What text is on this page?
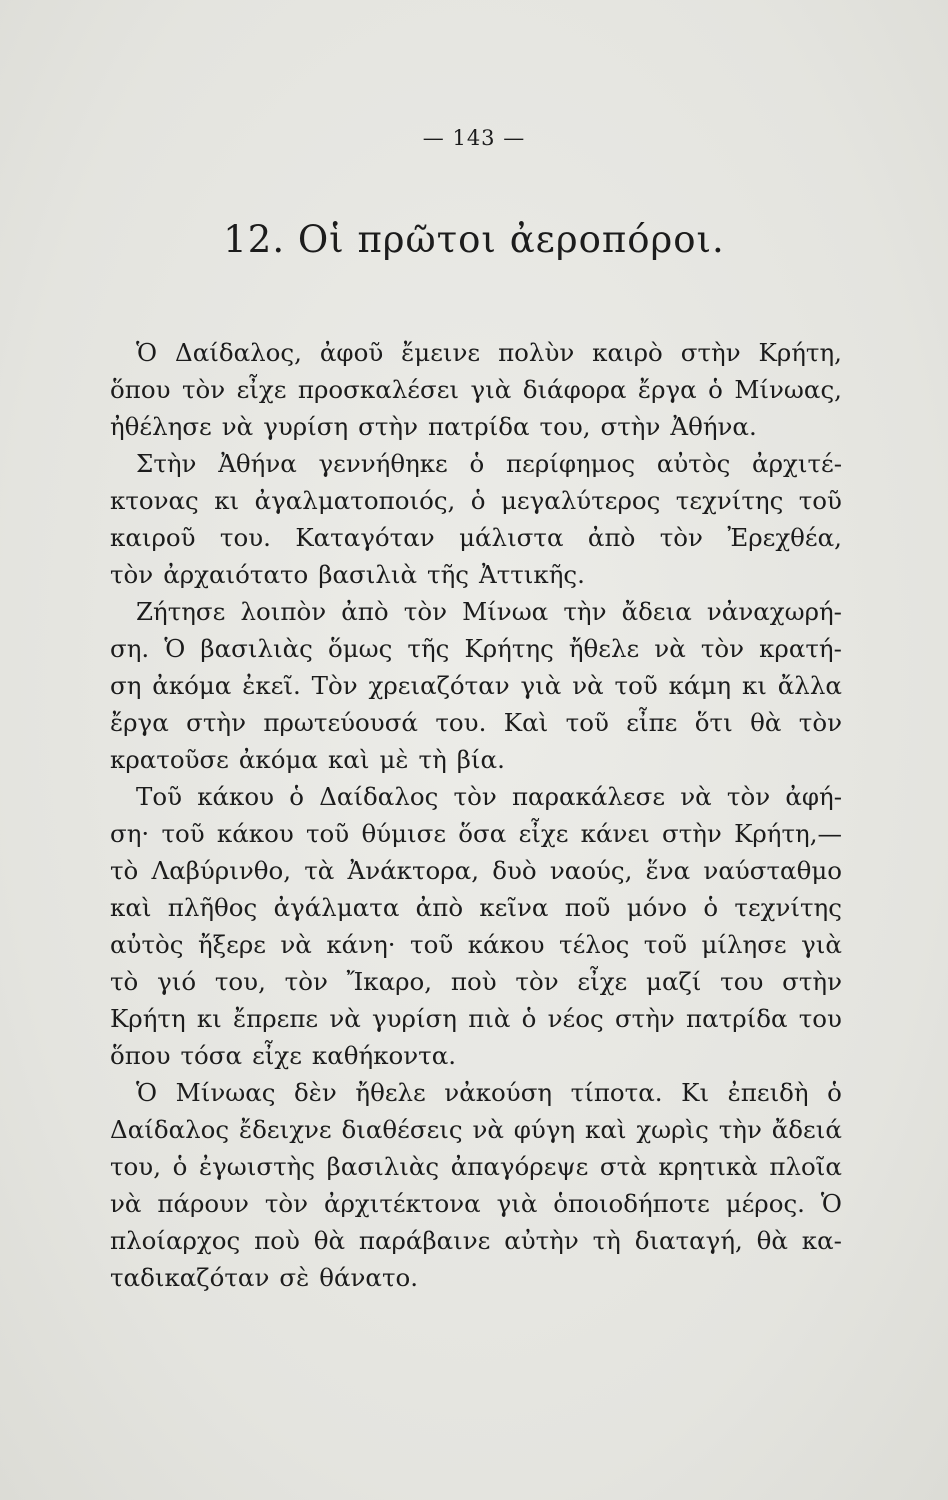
— 143 —
12. Οἱ πρῶτοι ἀεροπόροι.
Ὁ Δαίδαλος, ἀφοῦ ἔμεινε πολὺν καιρὸ στὴν Κρήτη,
ὅπου τὸν εἶχε προσκαλέσει γιὰ διάφορα ἔργα ὁ Μίνωας,
ἠθέλησε νὰ γυρίση στὴν πατρίδα του, στὴν Ἀθήνα.
Στὴν Ἀθήνα γεννήθηκε ὁ περίφημος αὐτὸς ἀρχιτέ-
κτονας κι ἀγαλματοποιός, ὁ μεγαλύτερος τεχνίτης τοῦ
καιροῦ του. Καταγόταν μάλιστα ἀπὸ τὸν Ἐρεχθέα,
τὸν ἀρχαιότατο βασιλιὰ τῆς Ἀττικῆς.
Ζήτησε λοιπὸν ἀπὸ τὸν Μίνωα τὴν ἄδεια νἀναχωρή-
ση. Ὁ βασιλιὰς ὅμως τῆς Κρήτης ἤθελε νὰ τὸν κρατή-
ση ἀκόμα ἐκεῖ. Τὸν χρειαζόταν γιὰ νὰ τοῦ κάμη κι ἄλλα
ἔργα στὴν πρωτεύουσά του. Καὶ τοῦ εἶπε ὅτι θὰ τὸν
κρατοῦσε ἀκόμα καὶ μὲ τὴ βία.
Τοῦ κάκου ὁ Δαίδαλος τὸν παρακάλεσε νὰ τὸν ἀφή-
ση· τοῦ κάκου τοῦ θύμισε ὅσα εἶχε κάνει στὴν Κρήτη,—
τὸ Λαβύρινθο, τὰ Ἀνάκτορα, δυὸ ναούς, ἕνα ναύσταθμο
καὶ πλῆθος ἀγάλματα ἀπὸ κεῖνα ποῦ μόνο ὁ τεχνίτης
αὐτὸς ἤξερε νὰ κάνη· τοῦ κάκου τέλος τοῦ μίλησε γιὰ
τὸ γιό του, τὸν Ἴκαρο, ποὺ τὸν εἶχε μαζί του στὴν
Κρήτη κι ἔπρεπε νὰ γυρίση πιὰ ὁ νέος στὴν πατρίδα του
ὅπου τόσα εἶχε καθήκοντα.
Ὁ Μίνωας δὲν ἤθελε νἀκούση τίποτα. Κι ἐπειδὴ ὁ
Δαίδαλος ἔδειχνε διαθέσεις νὰ φύγη καὶ χωρὶς τὴν ἄδειά
του, ὁ ἐγωιστὴς βασιλιὰς ἀπαγόρεψε στὰ κρητικὰ πλοῖα
νὰ πάρουν τὸν ἀρχιτέκτονα γιὰ ὁποιοδήποτε μέρος. Ὁ
πλοίαρχος ποὺ θὰ παράβαινε αὐτὴν τὴ διαταγή, θὰ κα-
ταδικαζόταν σὲ θάνατο.
